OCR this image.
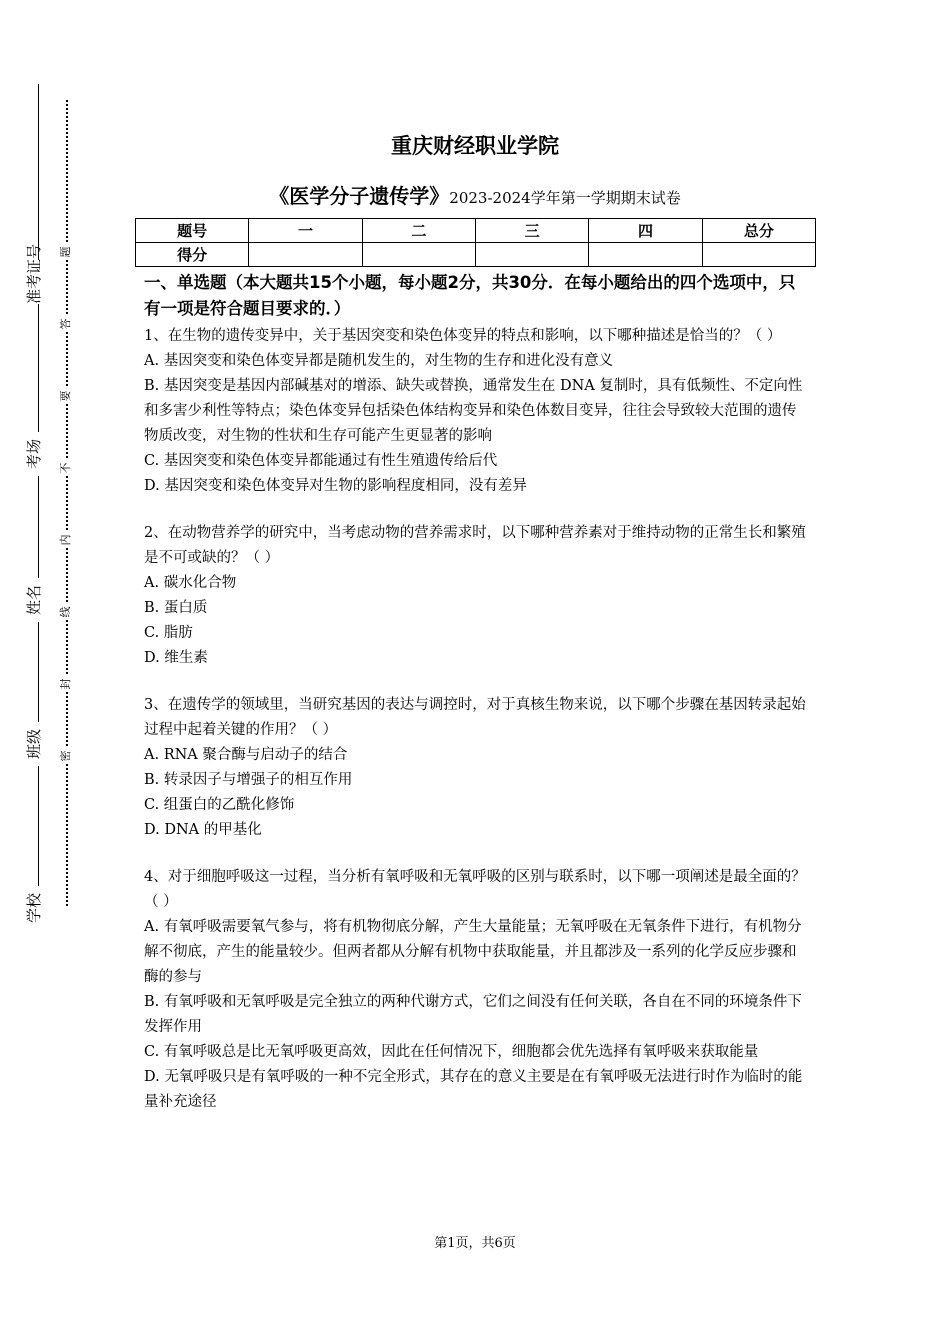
准考证号
考场
姓名
班级
学校
题
答
要
不
内
线
封
密
重庆财经职业学院
《医学分子遗传学》2023-2024学年第一学期期末试卷
题号	一	二	三	四	总分
得分					
一、单选题（本大题共15个小题，每小题2分，共30分．在每小题给出的四个选项中，只有一项是符合题目要求的．）

1、在生物的遗传变异中，关于基因突变和染色体变异的特点和影响，以下哪种描述是恰当的？（ ）

A. 基因突变和染色体变异都是随机发生的，对生物的生存和进化没有意义

B. 基因突变是基因内部碱基对的增添、缺失或替换，通常发生在 DNA 复制时，具有低频性、不定向性和多害少利性等特点；染色体变异包括染色体结构变异和染色体数目变异，往往会导致较大范围的遗传物质改变，对生物的性状和生存可能产生更显著的影响

C. 基因突变和染色体变异都能通过有性生殖遗传给后代

D. 基因突变和染色体变异对生物的影响程度相同，没有差异

2、在动物营养学的研究中，当考虑动物的营养需求时，以下哪种营养素对于维持动物的正常生长和繁殖是不可或缺的？（ ）

A. 碳水化合物

B. 蛋白质

C. 脂肪

D. 维生素

3、在遗传学的领域里，当研究基因的表达与调控时，对于真核生物来说，以下哪个步骤在基因转录起始过程中起着关键的作用？（ ）

A. RNA 聚合酶与启动子的结合

B. 转录因子与增强子的相互作用

C. 组蛋白的乙酰化修饰

D. DNA 的甲基化

4、对于细胞呼吸这一过程，当分析有氧呼吸和无氧呼吸的区别与联系时，以下哪一项阐述是最全面的？（ ）

A. 有氧呼吸需要氧气参与，将有机物彻底分解，产生大量能量；无氧呼吸在无氧条件下进行，有机物分解不彻底，产生的能量较少。但两者都从分解有机物中获取能量，并且都涉及一系列的化学反应步骤和酶的参与

B. 有氧呼吸和无氧呼吸是完全独立的两种代谢方式，它们之间没有任何关联，各自在不同的环境条件下发挥作用

C. 有氧呼吸总是比无氧呼吸更高效，因此在任何情况下，细胞都会优先选择有氧呼吸来获取能量

D. 无氧呼吸只是有氧呼吸的一种不完全形式，其存在的意义主要是在有氧呼吸无法进行时作为临时的能量补充途径

第1页，共6页
